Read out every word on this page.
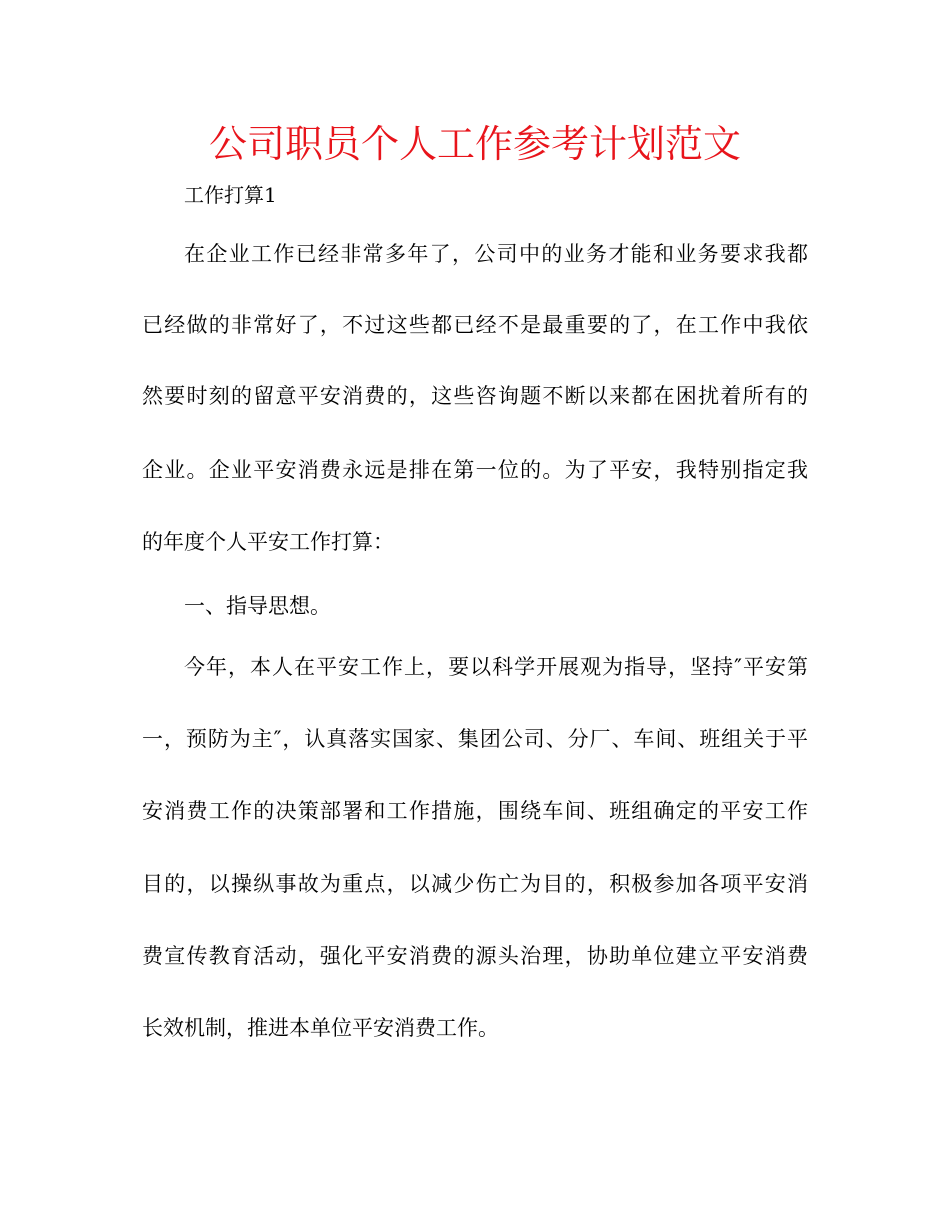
公司职员个人工作参考计划范文
工作打算1
在企业工作已经非常多年了，公司中的业务才能和业务要求我都
已经做的非常好了，不过这些都已经不是最重要的了，在工作中我依
然要时刻的留意平安消费的，这些咨询题不断以来都在困扰着所有的
企业。企业平安消费永远是排在第一位的。为了平安，我特别指定我
的年度个人平安工作打算：
一、指导思想。
今年，本人在平安工作上，要以科学开展观为指导，坚持″平安第
一，预防为主″，认真落实国家、集团公司、分厂、车间、班组关于平
安消费工作的决策部署和工作措施，围绕车间、班组确定的平安工作
目的，以操纵事故为重点，以减少伤亡为目的，积极参加各项平安消
费宣传教育活动，强化平安消费的源头治理，协助单位建立平安消费
长效机制，推进本单位平安消费工作。
